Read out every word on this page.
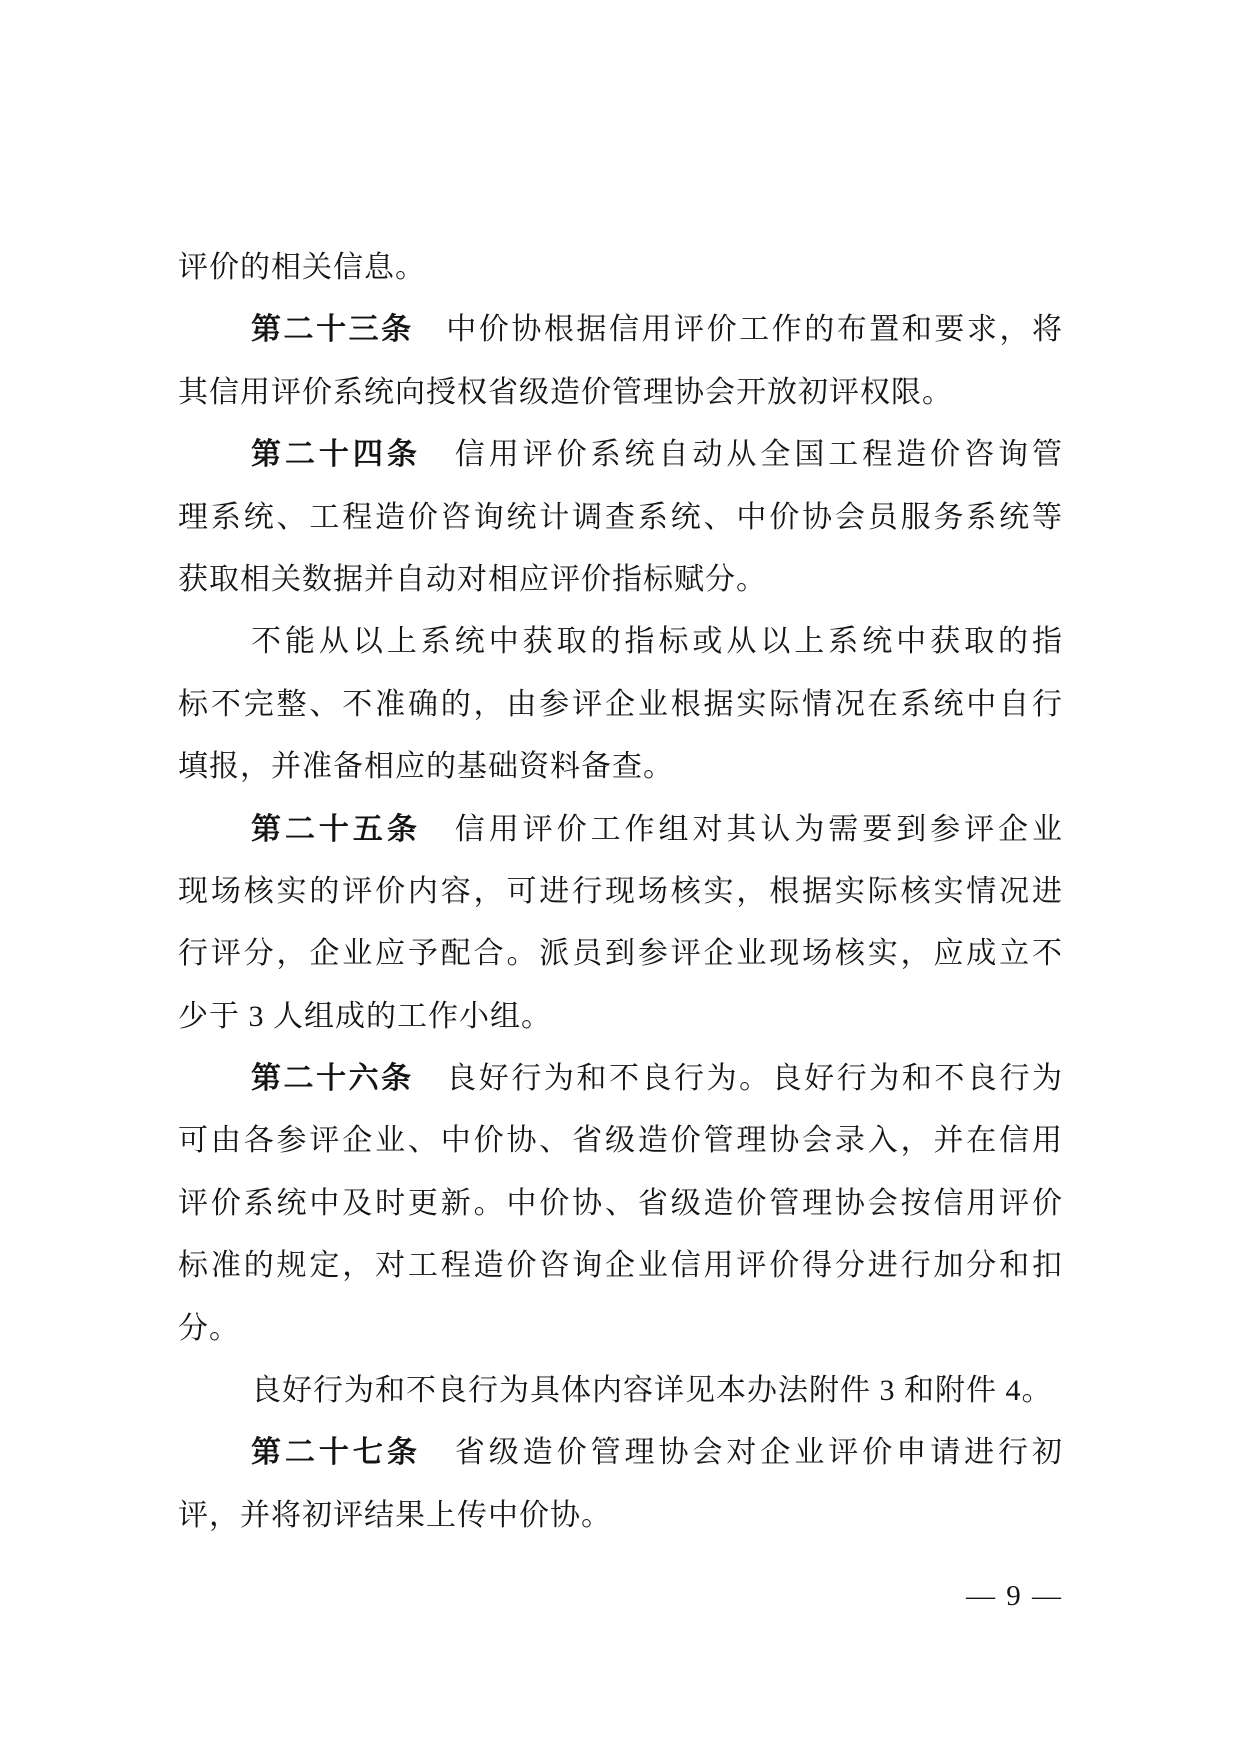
评价的相关信息。

第二十三条　中价协根据信用评价工作的布置和要求，将
其信用评价系统向授权省级造价管理协会开放初评权限。

第二十四条　信用评价系统自动从全国工程造价咨询管
理系统、工程造价咨询统计调查系统、中价协会员服务系统等
获取相关数据并自动对相应评价指标赋分。

不能从以上系统中获取的指标或从以上系统中获取的指
标不完整、不准确的，由参评企业根据实际情况在系统中自行
填报，并准备相应的基础资料备查。

第二十五条　信用评价工作组对其认为需要到参评企业
现场核实的评价内容，可进行现场核实，根据实际核实情况进
行评分，企业应予配合。派员到参评企业现场核实，应成立不
少于 3 人组成的工作小组。

第二十六条　良好行为和不良行为。良好行为和不良行为
可由各参评企业、中价协、省级造价管理协会录入，并在信用
评价系统中及时更新。中价协、省级造价管理协会按信用评价
标准的规定，对工程造价咨询企业信用评价得分进行加分和扣
分。

良好行为和不良行为具体内容详见本办法附件 3 和附件 4。

第二十七条　省级造价管理协会对企业评价申请进行初
评，并将初评结果上传中价协。

— 9 —
